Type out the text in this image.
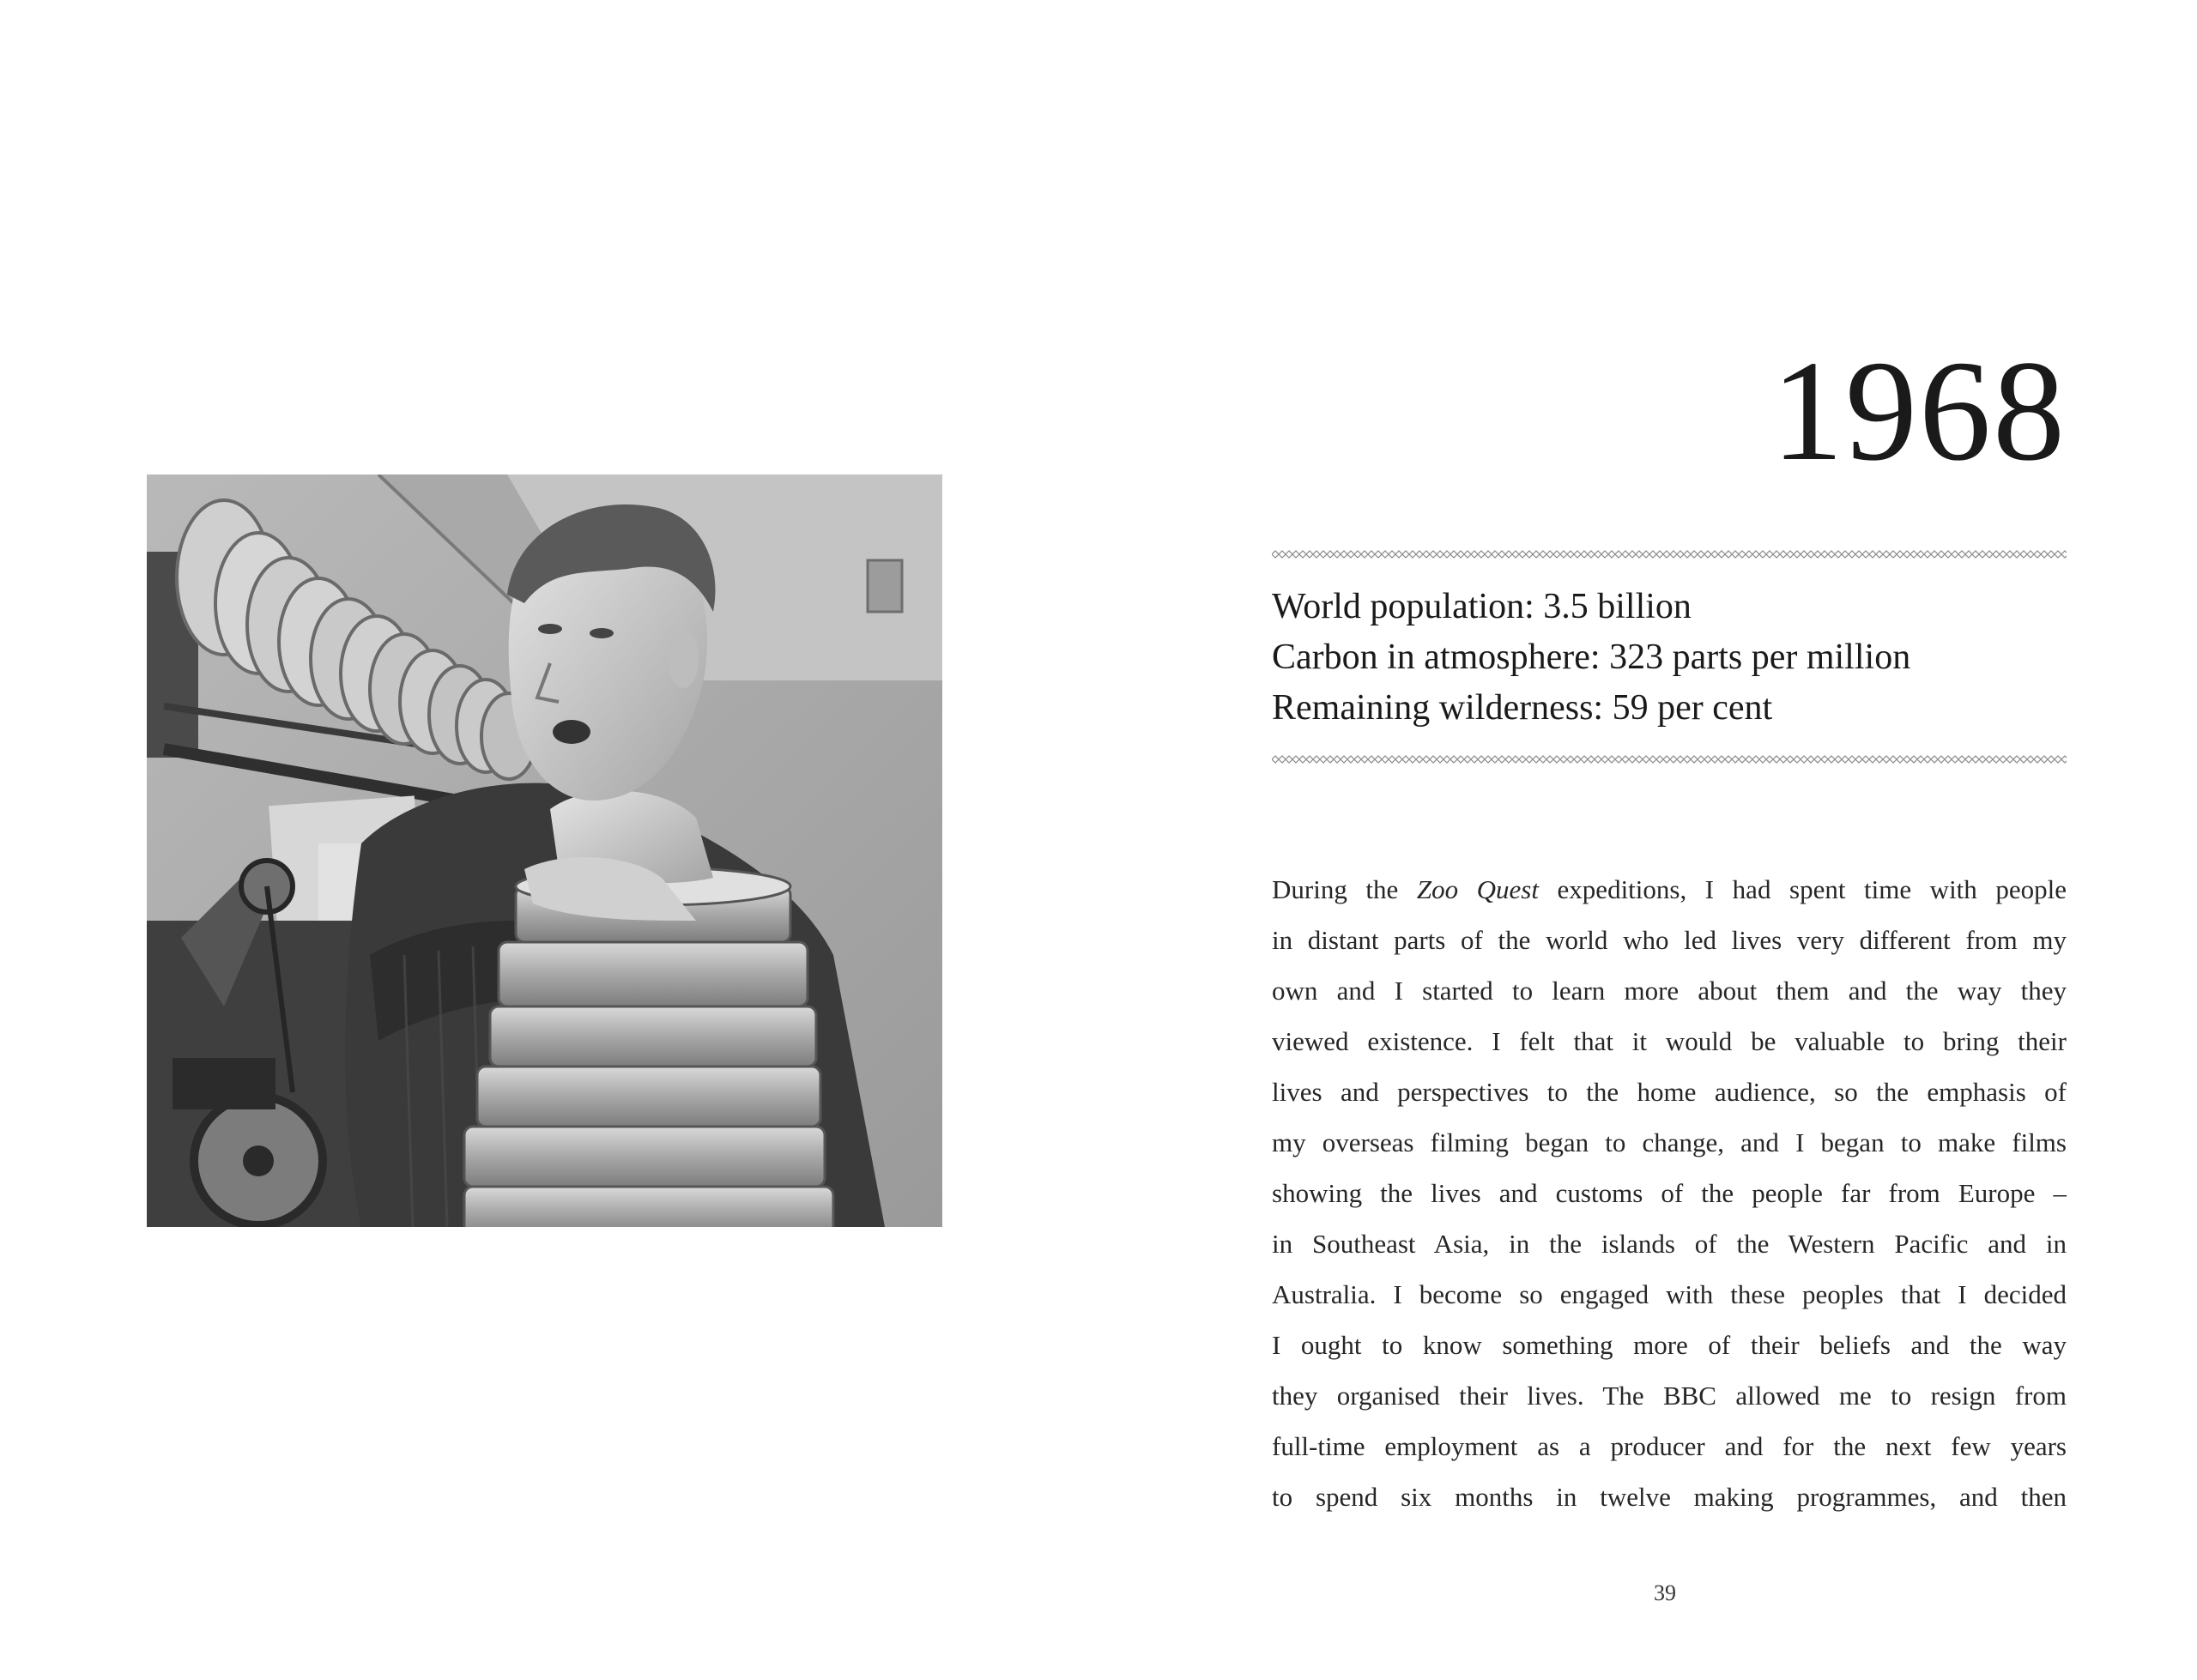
1968
World population: 3.5 billion
Carbon in atmosphere: 323 parts per million
Remaining wilderness: 59 per cent
During the Zoo Quest expeditions, I had spent time with people
in distant parts of the world who led lives very different from my
own and I started to learn more about them and the way they
viewed existence. I felt that it would be valuable to bring their
lives and perspectives to the home audience, so the emphasis of
my overseas filming began to change, and I began to make films
showing the lives and customs of the people far from Europe –
in Southeast Asia, in the islands of the Western Pacific and in
Australia. I become so engaged with these peoples that I decided
I ought to know something more of their beliefs and the way
they organised their lives. The BBC allowed me to resign from
full-time employment as a producer and for the next few years
to spend six months in twelve making programmes, and then
39
